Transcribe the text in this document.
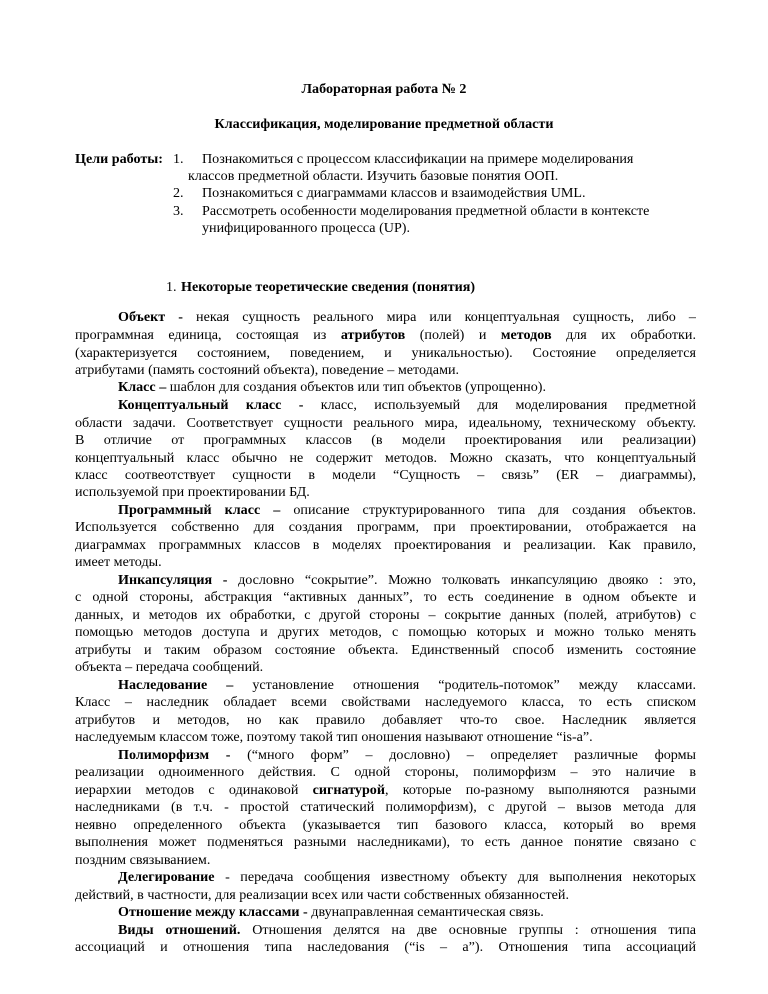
Лабораторная работа № 2
Классификация, моделирование предметной области
Цели работы: 1. Познакомиться с процессом классификации на примере моделирования
классов предметной области. Изучить базовые понятия ООП.
2. Познакомиться с диаграммами классов и взаимодействия UML.
3. Рассмотреть особенности моделирования предметной области в контексте
унифицированного процесса (UP).
1. Некоторые теоретические сведения (понятия)
Объект - некая сущность реального мира или концептуальная сущность, либо –
программная единица, состоящая из атрибутов (полей) и методов для их обработки.
(характеризуется состоянием, поведением, и уникальностью). Состояние определяется
атрибутами (память состояний объекта), поведение – методами.
Класс – шаблон для создания объектов или тип объектов (упрощенно).
Концептуальный класс - класс, используемый для моделирования предметной
области задачи. Соответствует сущности реального мира, идеальному, техническому объекту.
В отличие от программных классов (в модели проектирования или реализации)
концептуальный класс обычно не содержит методов. Можно сказать, что концептуальный
класс соотвеотствует сущности в модели “Сущность – связь” (ER – диаграммы),
используемой при проектировании БД.
Программный класс – описание структурированного типа для создания объектов.
Используется собственно для создания программ, при проектировании, отображается на
диаграммах программных классов в моделях проектирования и реализации. Как правило,
имеет методы.
Инкапсуляция - дословно “сокрытие”. Можно толковать инкапсуляцию двояко : это,
с одной стороны, абстракция “активных данных”, то есть соединение в одном объекте и
данных, и методов их обработки, с другой стороны – сокрытие данных (полей, атрибутов) с
помощью методов доступа и других методов, с помощью которых и можно только менять
атрибуты и таким образом состояние объекта. Единственный способ изменить состояние
объекта – передача сообщений.
Наследование – установление отношения “родитель-потомок” между классами.
Класс – наследник обладает всеми свойствами наследуемого класса, то есть списком
атрибутов и методов, но как правило добавляет что-то свое. Наследник является
наследуемым классом тоже, поэтому такой тип оношения называют отношение “is-a”.
Полиморфизм - (“много форм” – дословно) – определяет различные формы
реализации одноименного действия. С одной стороны, полиморфизм – это наличие в
иерархии методов с одинаковой сигнатурой, которые по-разному выполняются разными
наследниками (в т.ч. - простой статический полиморфизм), с другой – вызов метода для
неявно определенного объекта (указывается тип базового класса, который во время
выполнения может подменяться разными наследниками), то есть данное понятие связано с
поздним связыванием.
Делегирование - передача сообщения известному объекту для выполнения некоторых
действий, в частности, для реализации всех или части собственных обязанностей.
Отношение между классами - двунаправленная семантическая связь.
Виды отношений. Отношения делятся на две основные группы : отношения типа
ассоциаций и отношения типа наследования (“is – a”). Отношения типа ассоциаций
